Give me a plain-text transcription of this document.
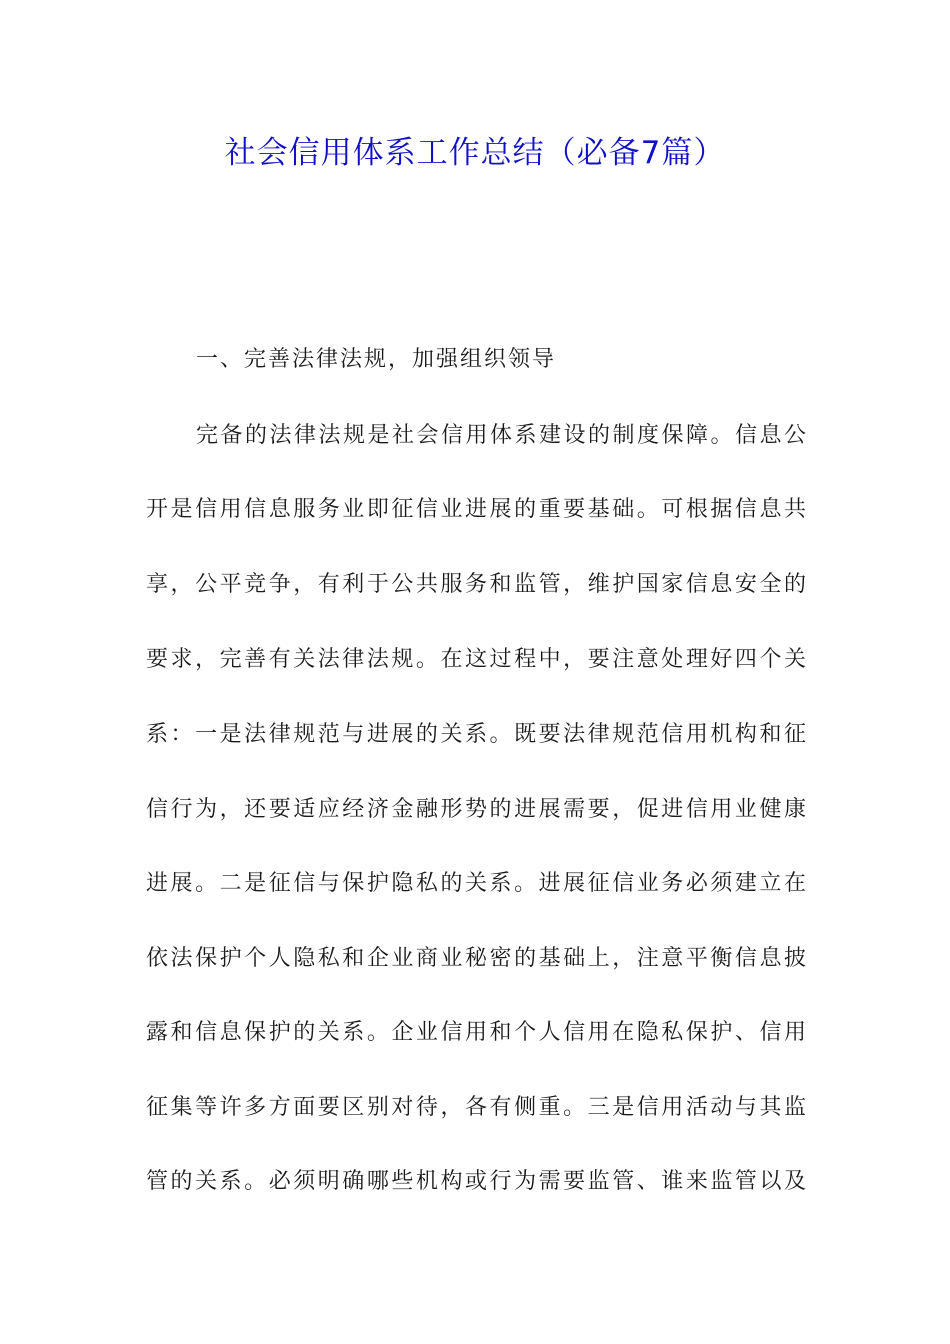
社会信用体系工作总结（必备7篇）
一、完善法律法规，加强组织领导
完备的法律法规是社会信用体系建设的制度保障。信息公
开是信用信息服务业即征信业进展的重要基础。可根据信息共
享，公平竞争，有利于公共服务和监管，维护国家信息安全的
要求，完善有关法律法规。在这过程中，要注意处理好四个关
系：一是法律规范与进展的关系。既要法律规范信用机构和征
信行为，还要适应经济金融形势的进展需要，促进信用业健康
进展。二是征信与保护隐私的关系。进展征信业务必须建立在
依法保护个人隐私和企业商业秘密的基础上，注意平衡信息披
露和信息保护的关系。企业信用和个人信用在隐私保护、信用
征集等许多方面要区别对待，各有侧重。三是信用活动与其监
管的关系。必须明确哪些机构或行为需要监管、谁来监管以及
